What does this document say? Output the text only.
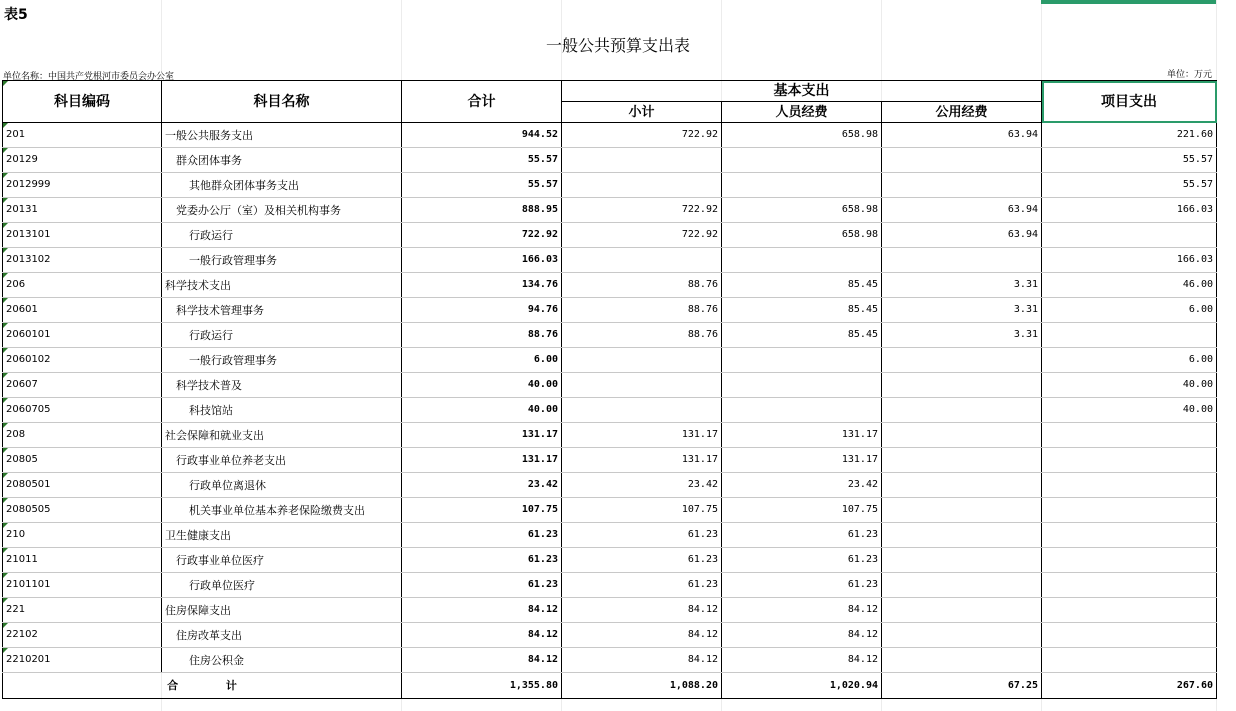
表5
一般公共预算支出表
单位名称：中国共产党根河市委员会办公室	单位：万元
科目编码	科目名称	合计	基本支出			项目支出
			小计	人员经费	公用经费	
201	一般公共服务支出	944.52	722.92	658.98	63.94	221.60
20129	群众团体事务	55.57				55.57
2012999	其他群众团体事务支出	55.57				55.57
20131	党委办公厅（室）及相关机构事务	888.95	722.92	658.98	63.94	166.03
2013101	行政运行	722.92	722.92	658.98	63.94	
2013102	一般行政管理事务	166.03				166.03
206	科学技术支出	134.76	88.76	85.45	3.31	46.00
20601	科学技术管理事务	94.76	88.76	85.45	3.31	6.00
2060101	行政运行	88.76	88.76	85.45	3.31	
2060102	一般行政管理事务	6.00				6.00
20607	科学技术普及	40.00				40.00
2060705	科技馆站	40.00				40.00
208	社会保障和就业支出	131.17	131.17	131.17		
20805	行政事业单位养老支出	131.17	131.17	131.17		
2080501	行政单位离退休	23.42	23.42	23.42		
2080505	机关事业单位基本养老保险缴费支出	107.75	107.75	107.75		
210	卫生健康支出	61.23	61.23	61.23		
21011	行政事业单位医疗	61.23	61.23	61.23		
2101101	行政单位医疗	61.23	61.23	61.23		
221	住房保障支出	84.12	84.12	84.12		
22102	住房改革支出	84.12	84.12	84.12		
2210201	住房公积金	84.12	84.12	84.12		
合 计		1,355.80	1,088.20	1,020.94	67.25	267.60
